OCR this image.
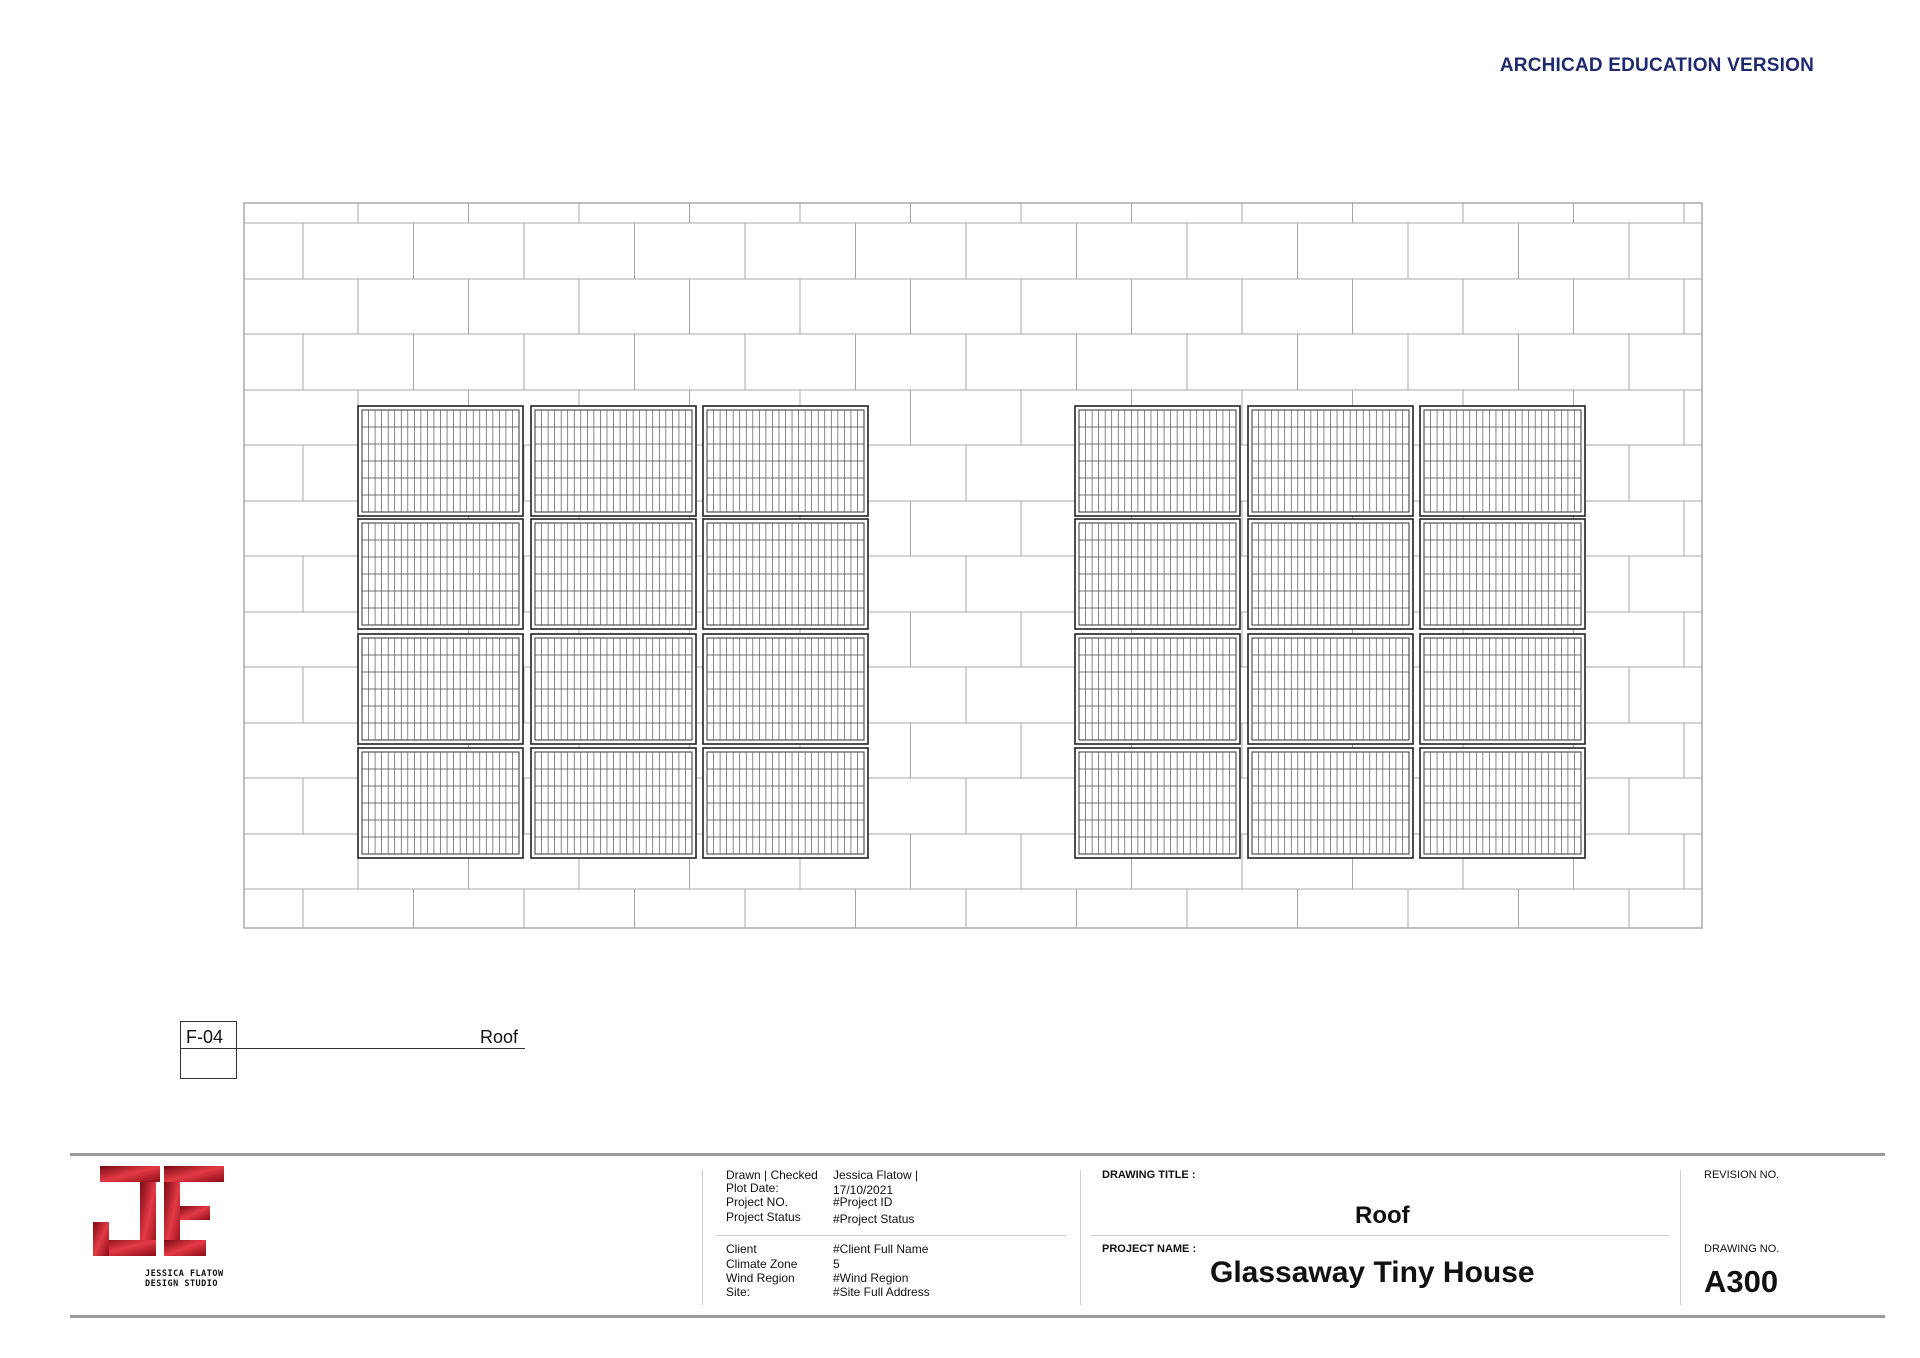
ARCHICAD EDUCATION VERSION
F-04	Roof
JESSICA FLATOW
DESIGN STUDIO
Drawn | Checked Jessica Flatow |
Plot Date:	17/10/2021
Project NO.	#Project ID
Project Status	#Project Status
Client	#Client Full Name
Climate Zone	5
Wind Region	#Wind Region
Site:	#Site Full Address
DRAWING TITLE :
Roof
PROJECT NAME :
Glassaway Tiny House
REVISION NO.
DRAWING NO.
A300
